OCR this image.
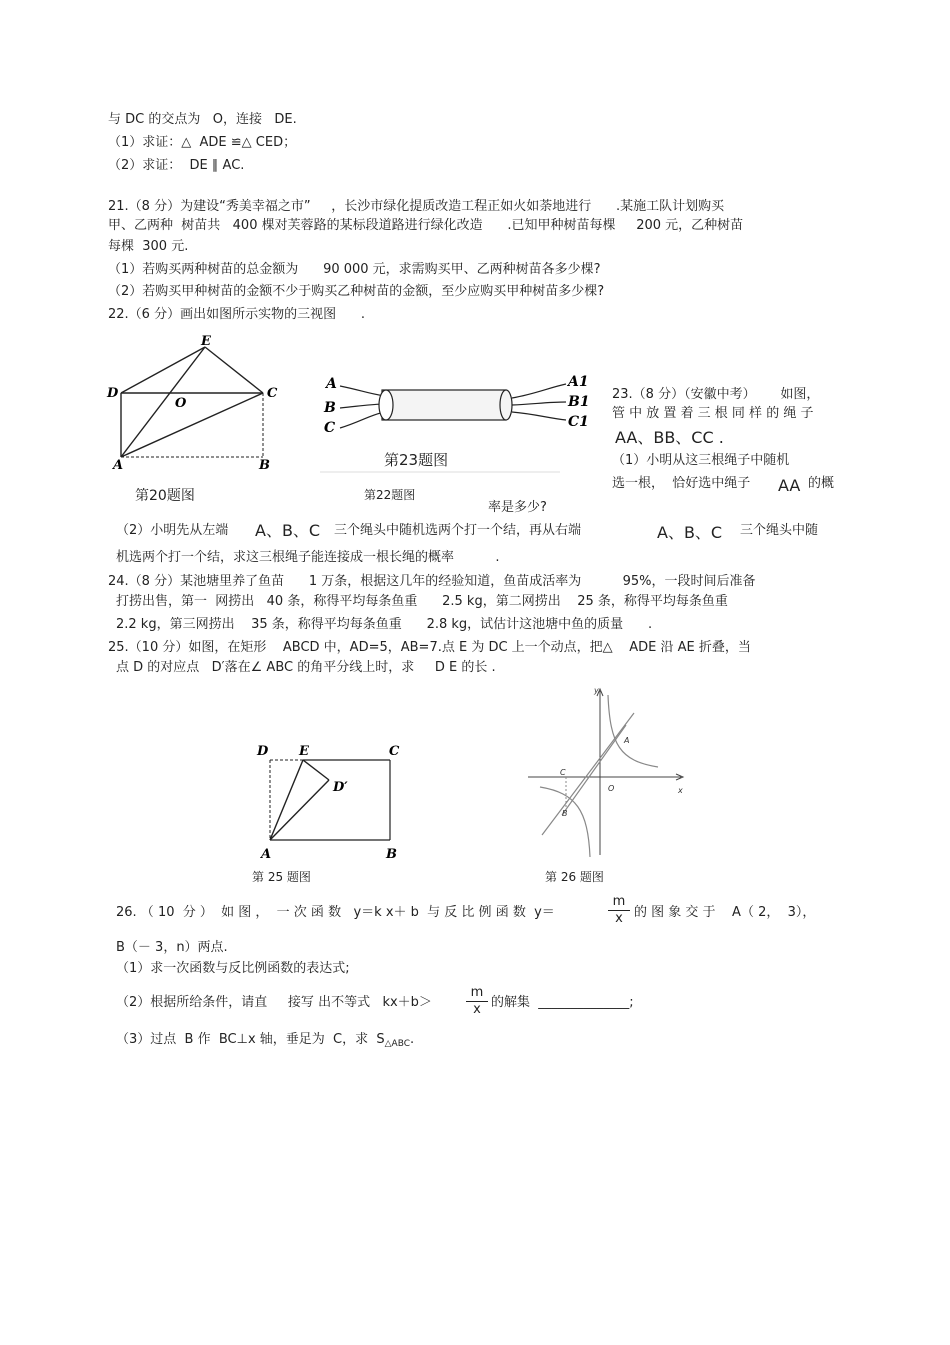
与 DC 的交点为   O，连接   DE.
（1）求证：△  ADE ≌△ CED；
（2）求证：  DE ∥ AC.
21.（8 分）为建设“秀美幸福之市”     ，长沙市绿化提质改造工程正如火如荼地进行      .某施工队计划购买
甲、乙两种  树苗共   400 棵对芙蓉路的某标段道路进行绿化改造      .已知甲种树苗每棵     200 元，乙种树苗
每棵  300 元.
（1）若购买两种树苗的总金额为      90 000 元，求需购买甲、乙两种树苗各多少棵?
（2）若购买甲种树苗的金额不少于购买乙种树苗的金额，至少应购买甲种树苗多少棵?
22.（6 分）画出如图所示实物的三视图      .
E
D
O
C
A	B
第20题图
A
B
C
A1
B1
C1
第23题图
第22题图
23.（8 分）（安徽中考）      如图，
管 中 放 置 着 三 根 同 样 的 绳 子
AA、BB、CC .
（1）小明从这三根绳子中随机
选一根，  恰好选中绳子 AA 的概
率是多少?
（2）小明先从左端 A、B、C 三个绳头中随机选两个打一个结，再从右端	A、B、C 三个绳头中随
机选两个打一个结，求这三根绳子能连接成一根长绳的概率          .
24.（8 分）某池塘里养了鱼苗      1 万条，根据这几年的经验知道，鱼苗成活率为          95%，一段时间后准备
打捞出售，第一  网捞出   40 条，称得平均每条鱼重      2.5 kg，第二网捞出    25 条，称得平均每条鱼重
2.2 kg，第三网捞出    35 条，称得平均每条鱼重      2.8 kg，试估计这池塘中鱼的质量      .
25.（10 分）如图，在矩形    ABCD 中，AD=5，AB=7.点 E 为 DC 上一个动点，把△    ADE 沿 AE 折叠，当
点 D 的对应点   D′落在∠ ABC 的角平分线上时，求     D E 的长 .
D E	C
D′
A	B
第 25 题图
y
A
C
O	x
B
第 26 题图
26. （ 10  分 ）  如 图 ，  一 次 函 数   y＝k x＋ b  与 反 比 例 函 数  y＝	$\frac{m}{x}$ 的 图 象 交 于    A（ 2，  3），
B（－ 3，n）两点.
（1）求一次函数与反比例函数的表达式;
（2）根据所给条件，请直     接写 出不等式   kx＋b＞	$\frac{m}{x}$ 的解集  ______________;
（3）过点  B 作  BC⊥x 轴，垂足为  C，求  $S_{\triangle ABC}$.
